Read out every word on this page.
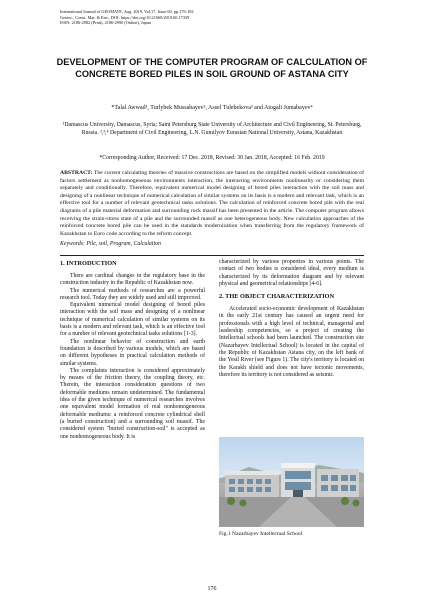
International Journal of GEOMATE, Aug. 2019, Vol.17, Issue 60, pp.176-182
Geotec., Const. Mat. & Env., DOI: https://doi.org/10.21660/2019.60.17339
ISSN: 2186-2982 (Print), 2186-2990 (Online), Japan
DEVELOPMENT OF THE COMPUTER PROGRAM OF CALCULATION OF CONCRETE BORED PILES IN SOIL GROUND OF ASTANA CITY
*Talal Awwad¹, Turlybek Mussabayev², Assel Tulebekova³ and Atogali Jumabayev⁴
¹Damascus University, Damascus, Syria; Saint Petersburg State University of Architecture and Civil Engineering, St. Petersburg, Russia. ²,³,⁴ Department of Civil Engineering, L.N. Gumilyov Eurasian National University, Astana, Kazakhstan
*Corresponding Author, Received: 17 Dec. 2018, Revised: 30 Jan. 2018, Accepted: 16 Feb. 2019
ABSTRACT: The current calculating theories of massive constructions are based on the simplified models without consideration of factors settlement as nonhomogeneous environments interaction, the interacting environments nonlinearity or considering them separately and conditionally. Therefore, equivalent numerical model designing of bored piles interaction with the soil mass and designing of a nonlinear technique of numerical calculation of similar systems on its basis is a modern and relevant task, which is an effective tool for a number of relevant geotechnical tasks solutions. The calculation of reinforced concrete bored pile with the real diagrams of a pile material deformation and surrounding rock massif has been presented in the article. The computer program allows receiving the strain-stress state of a pile and the surrounded massif as one heterogeneous body. New calculation approaches of the reinforced concrete bored pile can be used in the standards modernization when transferring from the regulatory framework of Kazakhstan to Euro code according to the reform concept.
Keywords: Pile, soil, Program, Calculation

1. INTRODUCTION

There are cardinal changes in the regulatory base in the construction industry in the Republic of Kazakhstan now.

The numerical methods of researches are a powerful research tool. Today they are widely used and still improved.

Equivalent numerical model designing of bored piles interaction with the soil mass and designing of a nonlinear technique of numerical calculation of similar systems on its basis is a modern and relevant task, which is an effective tool for a number of relevant geotechnical tasks solutions [1-3].

The nonlinear behavior of construction and earth foundation is described by various models, which are based on different hypotheses in practical calculation methods of similar systems.

The complaints interaction is considered approximately by means of the friction theory, the coupling theory, etc. Therein, the interaction consideration questions of two deformable mediums remain undetermined. The fundamental idea of the given technique of numerical researches involves one equivalent model formation of real nonhomogeneous deformable mediums: a reinforced concrete cylindrical shell (a buried construction) and a surrounding soil massif. The considered system "buried construction-soil" is accepted as one nonhomogeneous body. It is

characterized by various properties in various points. The contact of two bodies is considered ideal, every medium is characterized by its deformation diagram and by relevant physical and geometrical relationships [4-6].

2. THE OBJECT CHARACTERIZATION

Accelerated socio-economic development of Kazakhstan in the early 21st century has caused an urgent need for professionals with a high level of technical, managerial and leadership competencies, so a project of creating the Intellectual schools had been launched. The construction site (Nazarbayev Intellectual School) is located in the capital of the Republic of Kazakhstan Astana city, on the left bank of the Yesil River (see Figure 1). The city's territory is located on the Karakh shield and does not have tectonic movements, therefore its territory is not considered as seismic.

Fig.1 Nazarbayev Intellectual School
176
